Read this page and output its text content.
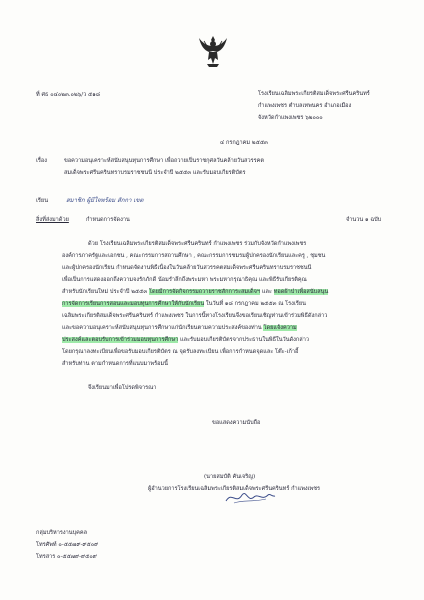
ที่ ศธ ๐๔๐๒๓.๐๒๖/ว ๕๑๘	โรงเรียนเฉลิมพระเกียรติสมเด็จพระศรีนครินทร์
กำแพงเพชร ตำบลเทพนคร อำเภอเมือง
จังหวัดกำแพงเพชร ๖๒๐๐๐
๔ กรกฎาคม ๒๕๕๓
เรื่อง	ขอความอนุเคราะห์สนับสนุนทุนการศึกษา เพื่อถวายเป็นราชกุศลวันคล้ายวันสวรรคต
สมเด็จพระศรีนครินทราบรมราชชนนี ประจำปี ๒๕๕๓ และรับมอบเกียรติบัตร
เรียน	สมาชิก ผู้มีใจพร้อม สักกา เขต
สิ่งที่ส่งมาด้วย	กำหนดการจัดงาน	จำนวน ๑ ฉบับ
ด้วย โรงเรียนเฉลิมพระเกียรติสมเด็จพระศรีนครินทร์ กำแพงเพชร ร่วมกับจังหวัดกำแพงเพชร
องค์การภาครัฐและเอกชน , คณะกรรมการสถานศึกษา , คณะกรรมการชมรมผู้ปกครองนักเรียนและครู , ชุมชน
และผู้ปกครองนักเรียน กำหนดจัดงานพิธีเนื่องในวันคล้ายวันสวรรคตสมเด็จพระศรีนครินทราบรมราชชนนี
เพื่อเป็นการแสดงออกถึงความจงรักภักดี น้อมรำลึกถึงพระมหา พระมหากรุณาธิคุณ และพิธีรับเกียรติคุณ
สำหรับนักเรียนใหม่ ประจำปี ๒๕๕๓ โดยมีการจัดกิจกรรมถวายราชสักการะสมเด็จฯ และ ทอดผ้าป่าเพื่อสนับสนุน
การจัดการเรียนการสอนและมอบทุนการศึกษาให้กับนักเรียน ในวันที่ ๑๘ กรกฎาคม ๒๕๕๓ ณ โรงเรียน
เฉลิมพระเกียรติสมเด็จพระศรีนครินทร์ กำแพงเพชร ในการนี้ทางโรงเรียนจึงขอเรียนเชิญท่านเข้าร่วมพิธีดังกล่าว
และขอความอนุเคราะห์สนับสนุนทุนการศึกษาแก่นักเรียนตามความประสงค์ของท่าน โดยแจ้งความ
ประสงค์และตอบรับการเข้าร่วมมอบทุนการศึกษา และรับมอบเกียรติบัตรจากประธานในพิธีในวันดังกล่าว
โดยกรุณาลงทะเบียนเพื่อขอรับมอบเกียรติบัตร ณ จุดรับลงทะเบียน เพื่อการกำหนดจุดและ โต๊ะ-เก้าอี้
สำหรับท่าน ตามกำหนดการที่แนบมาพร้อมนี้
จึงเรียนมาเพื่อโปรดพิจารณา
ขอแสดงความนับถือ
(นายสมบัติ คันเจริญ)
ผู้อำนวยการโรงเรียนเฉลิมพระเกียรติสมเด็จพระศรีนครินทร์ กำแพงเพชร
กลุ่มบริหารงานบุคคล
โทรศัพท์ ๐-๕๕๗๙-๙๕๐๙
โทรสาร ๐-๕๕๗๙-๙๕๐๙
